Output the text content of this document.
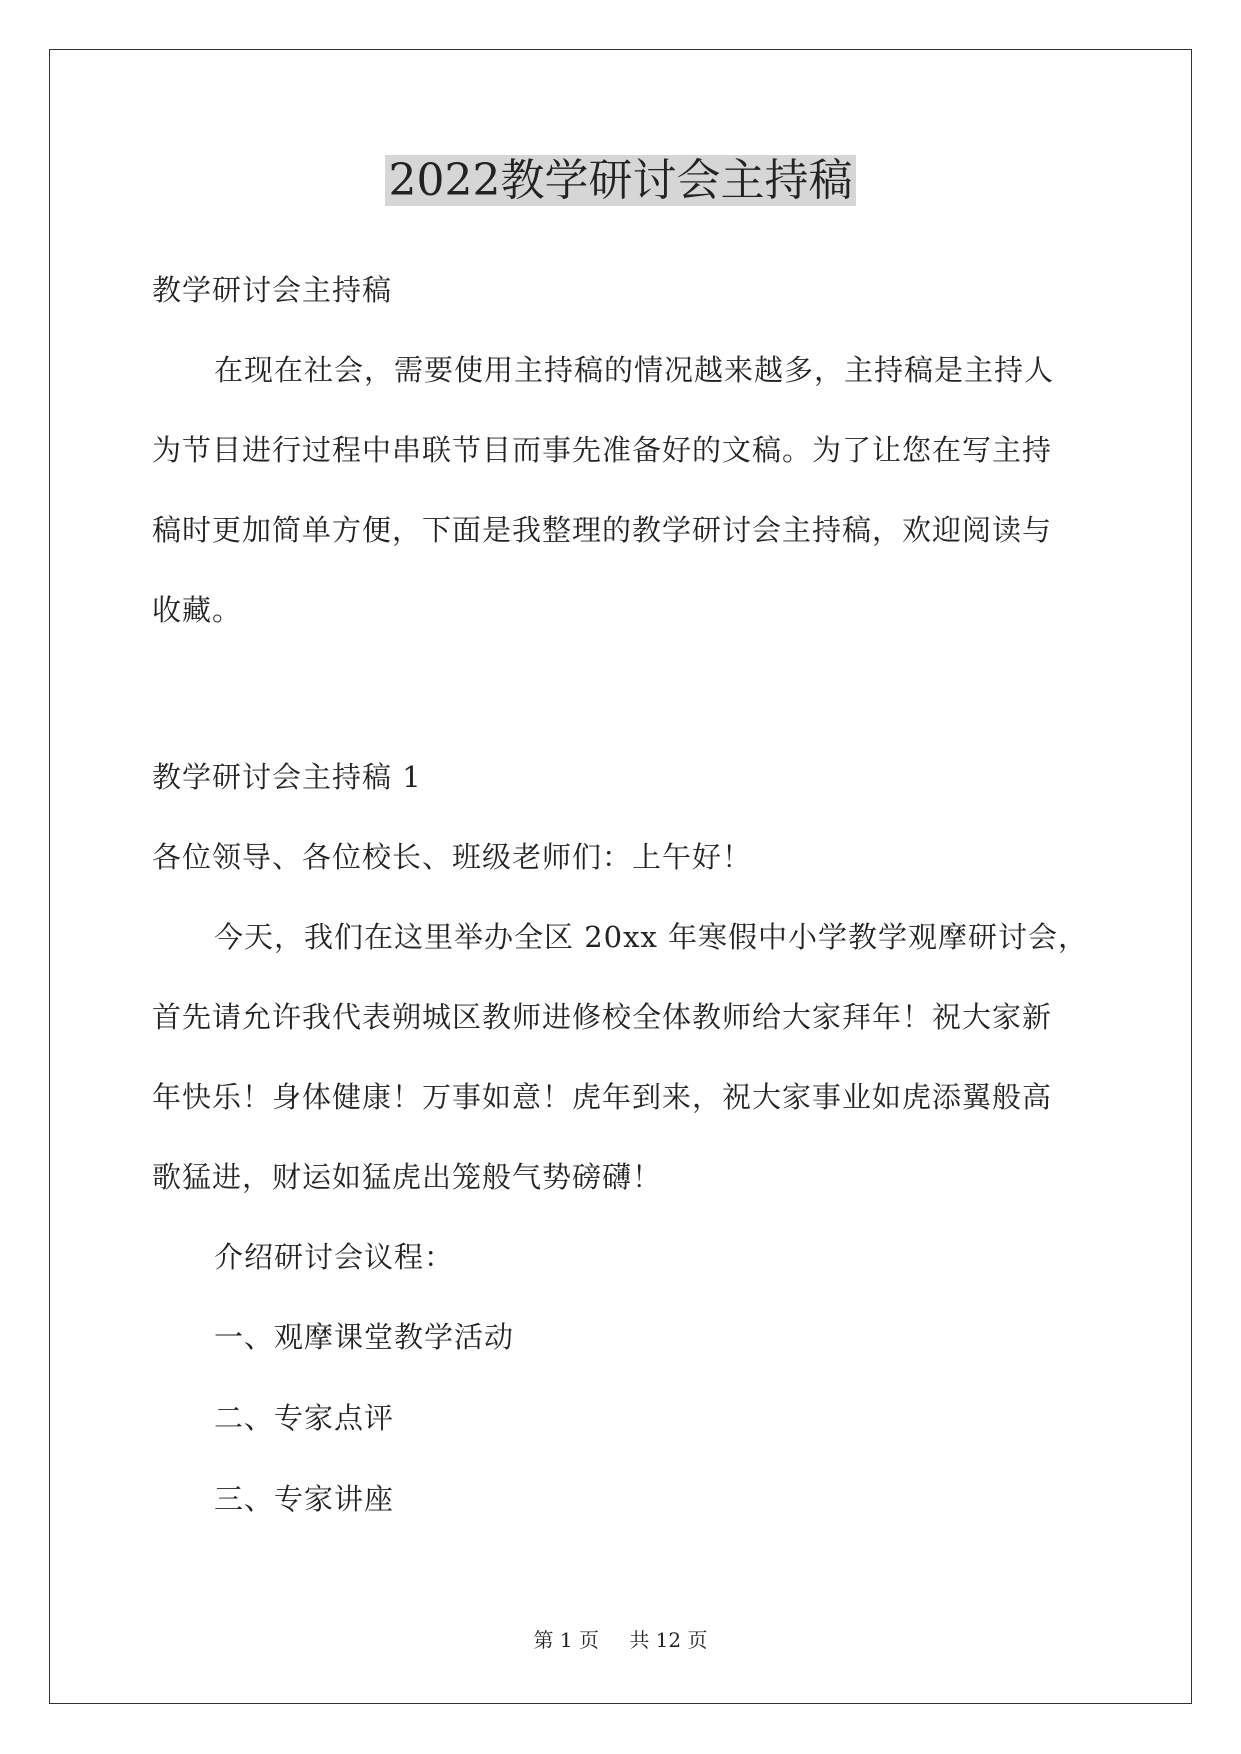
2022教学研讨会主持稿
教学研讨会主持稿
在现在社会，需要使用主持稿的情况越来越多，主持稿是主持人
为节目进行过程中串联节目而事先准备好的文稿。为了让您在写主持
稿时更加简单方便，下面是我整理的教学研讨会主持稿，欢迎阅读与
收藏。
教学研讨会主持稿 1
各位领导、各位校长、班级老师们：上午好！
今天，我们在这里举办全区 20xx 年寒假中小学教学观摩研讨会，
首先请允许我代表朔城区教师进修校全体教师给大家拜年！祝大家新
年快乐！身体健康！万事如意！虎年到来，祝大家事业如虎添翼般高
歌猛进，财运如猛虎出笼般气势磅礴！
介绍研讨会议程：
一、观摩课堂教学活动
二、专家点评
三、专家讲座
第 1 页 共 12 页
